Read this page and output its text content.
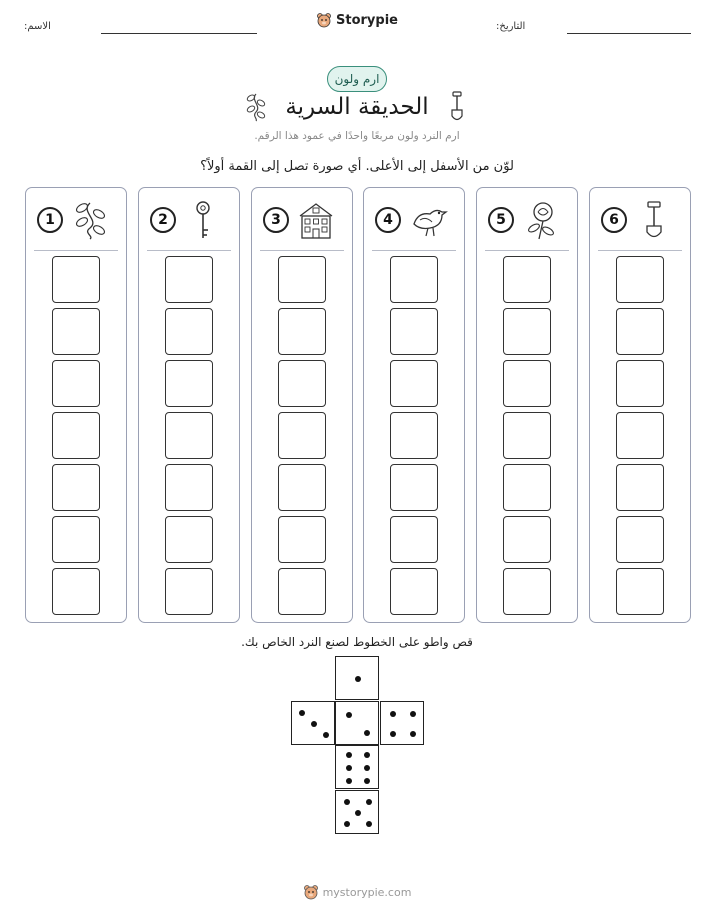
الاسم:	Storypie	التاريخ:
ارم ولون
الحديقة السرية
ارم النرد ولون مربعًا واحدًا في عمود هذا الرقم.
لوّن من الأسفل إلى الأعلى. أي صورة تصل إلى القمة أولاً؟
1	2	3	4	5	6
قص واطو على الخطوط لصنع النرد الخاص بك.
mystorypie.com
